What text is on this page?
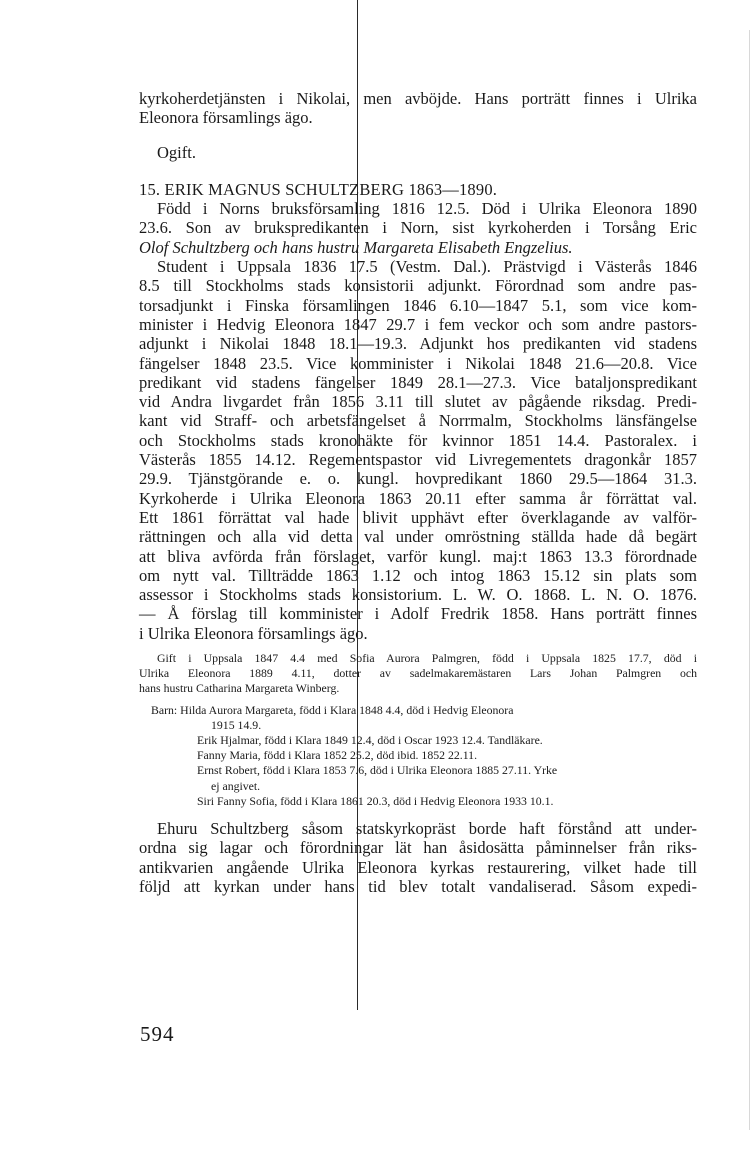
kyrkoherdetjänsten i Nikolai, men avböjde. Hans porträtt finnes i Ulrika
Eleonora församlings ägo.
Ogift.
15. ERIK MAGNUS SCHULTZBERG 1863—1890.
Född i Norns bruksförsamling 1816 12.5. Död i Ulrika Eleonora 1890
23.6. Son av brukspredikanten i Norn, sist kyrkoherden i Torsång Eric
Olof Schultzberg och hans hustru Margareta Elisabeth Engzelius.
Student i Uppsala 1836 17.5 (Vestm. Dal.). Prästvigd i Västerås 1846
8.5 till Stockholms stads konsistorii adjunkt. Förordnad som andre pas-
torsadjunkt i Finska församlingen 1846 6.10—1847 5.1, som vice kom-
minister i Hedvig Eleonora 1847 29.7 i fem veckor och som andre pastors-
adjunkt i Nikolai 1848 18.1—19.3. Adjunkt hos predikanten vid stadens
fängelser 1848 23.5. Vice komminister i Nikolai 1848 21.6—20.8. Vice
predikant vid stadens fängelser 1849 28.1—27.3. Vice bataljonspredikant
vid Andra livgardet från 1856 3.11 till slutet av pågående riksdag. Predi-
kant vid Straff- och arbetsfängelset å Norrmalm, Stockholms länsfängelse
och Stockholms stads kronohäkte för kvinnor 1851 14.4. Pastoralex. i
Västerås 1855 14.12. Regementspastor vid Livregementets dragonkår 1857
29.9. Tjänstgörande e. o. kungl. hovpredikant 1860 29.5—1864 31.3.
Kyrkoherde i Ulrika Eleonora 1863 20.11 efter samma år förrättat val.
Ett 1861 förrättat val hade blivit upphävt efter överklagande av valför-
rättningen och alla vid detta val under omröstning ställda hade då begärt
att bliva avförda från förslaget, varför kungl. maj:t 1863 13.3 förordnade
om nytt val. Tillträdde 1863 1.12 och intog 1863 15.12 sin plats som
assessor i Stockholms stads konsistorium. L. W. O. 1868. L. N. O. 1876.
— Å förslag till komminister i Adolf Fredrik 1858. Hans porträtt finnes
i Ulrika Eleonora församlings ägo.
Gift i Uppsala 1847 4.4 med Sofia Aurora Palmgren, född i Uppsala 1825 17.7, död i
Ulrika Eleonora 1889 4.11, dotter av sadelmakaremästaren Lars Johan Palmgren och
hans hustru Catharina Margareta Winberg.
Barn: Hilda Aurora Margareta, född i Klara 1848 4.4, död i Hedvig Eleonora
1915 14.9.
Erik Hjalmar, född i Klara 1849 12.4, död i Oscar 1923 12.4. Tandläkare.
Fanny Maria, född i Klara 1852 25.2, död ibid. 1852 22.11.
Ernst Robert, född i Klara 1853 7.6, död i Ulrika Eleonora 1885 27.11. Yrke
ej angivet.
Siri Fanny Sofia, född i Klara 1861 20.3, död i Hedvig Eleonora 1933 10.1.
Ehuru Schultzberg såsom statskyrkopräst borde haft förstånd att under-
ordna sig lagar och förordningar lät han åsidosätta påminnelser från riks-
antikvarien angående Ulrika Eleonora kyrkas restaurering, vilket hade till
följd att kyrkan under hans tid blev totalt vandaliserad. Såsom expedi-
594
